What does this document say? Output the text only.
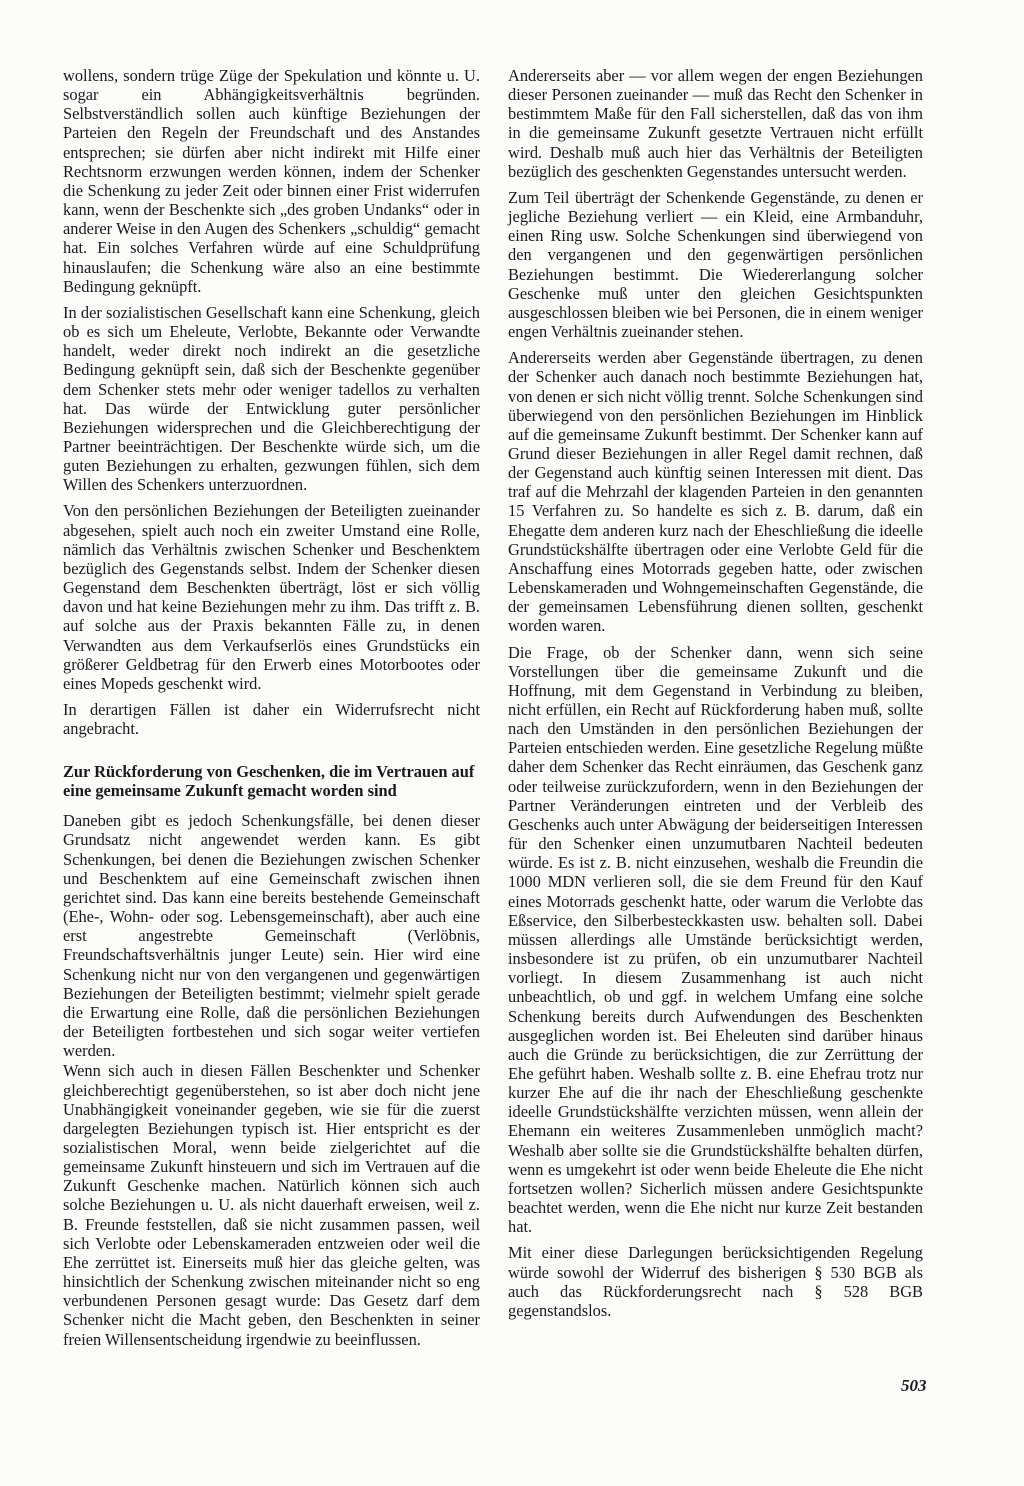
wollens, sondern trüge Züge der Spekulation und könnte u. U. sogar ein Abhängigkeitsverhältnis begründen. Selbstverständlich sollen auch künftige Beziehungen der Parteien den Regeln der Freundschaft und des Anstandes entsprechen; sie dürfen aber nicht indirekt mit Hilfe einer Rechtsnorm erzwungen werden können, indem der Schenker die Schenkung zu jeder Zeit oder binnen einer Frist widerrufen kann, wenn der Beschenkte sich „des groben Undanks“ oder in anderer Weise in den Augen des Schenkers „schuldig“ gemacht hat. Ein solches Verfahren würde auf eine Schuldprüfung hinauslaufen; die Schenkung wäre also an eine bestimmte Bedingung geknüpft.

In der sozialistischen Gesellschaft kann eine Schenkung, gleich ob es sich um Eheleute, Verlobte, Bekannte oder Verwandte handelt, weder direkt noch indirekt an die gesetzliche Bedingung geknüpft sein, daß sich der Beschenkte gegenüber dem Schenker stets mehr oder weniger tadellos zu verhalten hat. Das würde der Entwicklung guter persönlicher Beziehungen widersprechen und die Gleichberechtigung der Partner beeinträchtigen. Der Beschenkte würde sich, um die guten Beziehungen zu erhalten, gezwungen fühlen, sich dem Willen des Schenkers unterzuordnen.

Von den persönlichen Beziehungen der Beteiligten zueinander abgesehen, spielt auch noch ein zweiter Umstand eine Rolle, nämlich das Verhältnis zwischen Schenker und Beschenktem bezüglich des Gegenstands selbst. Indem der Schenker diesen Gegenstand dem Beschenkten überträgt, löst er sich völlig davon und hat keine Beziehungen mehr zu ihm. Das trifft z. B. auf solche aus der Praxis bekannten Fälle zu, in denen Verwandten aus dem Verkaufserlös eines Grundstücks ein größerer Geldbetrag für den Erwerb eines Motorbootes oder eines Mopeds geschenkt wird.

In derartigen Fällen ist daher ein Widerrufsrecht nicht angebracht.

Zur Rückforderung von Geschenken, die im Vertrauen auf eine gemeinsame Zukunft gemacht worden sind

Daneben gibt es jedoch Schenkungsfälle, bei denen dieser Grundsatz nicht angewendet werden kann. Es gibt Schenkungen, bei denen die Beziehungen zwischen Schenker und Beschenktem auf eine Gemeinschaft zwischen ihnen gerichtet sind. Das kann eine bereits bestehende Gemeinschaft (Ehe-, Wohn- oder sog. Lebensgemeinschaft), aber auch eine erst angestrebte Gemeinschaft (Verlöbnis, Freundschaftsverhältnis junger Leute) sein. Hier wird eine Schenkung nicht nur von den vergangenen und gegenwärtigen Beziehungen der Beteiligten bestimmt; vielmehr spielt gerade die Erwartung eine Rolle, daß die persönlichen Beziehungen der Beteiligten fortbestehen und sich sogar weiter vertiefen werden.

Wenn sich auch in diesen Fällen Beschenkter und Schenker gleichberechtigt gegenüberstehen, so ist aber doch nicht jene Unabhängigkeit voneinander gegeben, wie sie für die zuerst dargelegten Beziehungen typisch ist. Hier entspricht es der sozialistischen Moral, wenn beide zielgerichtet auf die gemeinsame Zukunft hinsteuern und sich im Vertrauen auf die Zukunft Geschenke machen. Natürlich können sich auch solche Beziehungen u. U. als nicht dauerhaft erweisen, weil z. B. Freunde feststellen, daß sie nicht zusammen passen, weil sich Verlobte oder Lebenskameraden entzweien oder weil die Ehe zerrüttet ist. Einerseits muß hier das gleiche gelten, was hinsichtlich der Schenkung zwischen miteinander nicht so eng verbundenen Personen gesagt wurde: Das Gesetz darf dem Schenker nicht die Macht geben, den Beschenkten in seiner freien Willensentscheidung irgendwie zu beeinflussen.

Andererseits aber — vor allem wegen der engen Beziehungen dieser Personen zueinander — muß das Recht den Schenker in bestimmtem Maße für den Fall sicherstellen, daß das von ihm in die gemeinsame Zukunft gesetzte Vertrauen nicht erfüllt wird. Deshalb muß auch hier das Verhältnis der Beteiligten bezüglich des geschenkten Gegenstandes untersucht werden.

Zum Teil überträgt der Schenkende Gegenstände, zu denen er jegliche Beziehung verliert — ein Kleid, eine Armbanduhr, einen Ring usw. Solche Schenkungen sind überwiegend von den vergangenen und den gegenwärtigen persönlichen Beziehungen bestimmt. Die Wiedererlangung solcher Geschenke muß unter den gleichen Gesichtspunkten ausgeschlossen bleiben wie bei Personen, die in einem weniger engen Verhältnis zueinander stehen.

Andererseits werden aber Gegenstände übertragen, zu denen der Schenker auch danach noch bestimmte Beziehungen hat, von denen er sich nicht völlig trennt. Solche Schenkungen sind überwiegend von den persönlichen Beziehungen im Hinblick auf die gemeinsame Zukunft bestimmt. Der Schenker kann auf Grund dieser Beziehungen in aller Regel damit rechnen, daß der Gegenstand auch künftig seinen Interessen mit dient. Das traf auf die Mehrzahl der klagenden Parteien in den genannten 15 Verfahren zu. So handelte es sich z. B. darum, daß ein Ehegatte dem anderen kurz nach der Eheschließung die ideelle Grundstückshälfte übertragen oder eine Verlobte Geld für die Anschaffung eines Motorrads gegeben hatte, oder zwischen Lebenskameraden und Wohngemeinschaften Gegenstände, die der gemeinsamen Lebensführung dienen sollten, geschenkt worden waren.

Die Frage, ob der Schenker dann, wenn sich seine Vorstellungen über die gemeinsame Zukunft und die Hoffnung, mit dem Gegenstand in Verbindung zu bleiben, nicht erfüllen, ein Recht auf Rückforderung haben muß, sollte nach den Umständen in den persönlichen Beziehungen der Parteien entschieden werden. Eine gesetzliche Regelung müßte daher dem Schenker das Recht einräumen, das Geschenk ganz oder teilweise zurückzufordern, wenn in den Beziehungen der Partner Veränderungen eintreten und der Verbleib des Geschenks auch unter Abwägung der beiderseitigen Interessen für den Schenker einen unzumutbaren Nachteil bedeuten würde. Es ist z. B. nicht einzusehen, weshalb die Freundin die 1000 MDN verlieren soll, die sie dem Freund für den Kauf eines Motorrads geschenkt hatte, oder warum die Verlobte das Eßservice, den Silberbesteckkasten usw. behalten soll. Dabei müssen allerdings alle Umstände berücksichtigt werden, insbesondere ist zu prüfen, ob ein unzumutbarer Nachteil vorliegt. In diesem Zusammenhang ist auch nicht unbeachtlich, ob und ggf. in welchem Umfang eine solche Schenkung bereits durch Aufwendungen des Beschenkten ausgeglichen worden ist. Bei Eheleuten sind darüber hinaus auch die Gründe zu berücksichtigen, die zur Zerrüttung der Ehe geführt haben. Weshalb sollte z. B. eine Ehefrau trotz nur kurzer Ehe auf die ihr nach der Eheschließung geschenkte ideelle Grundstückshälfte verzichten müssen, wenn allein der Ehemann ein weiteres Zusammenleben unmöglich macht? Weshalb aber sollte sie die Grundstückshälfte behalten dürfen, wenn es umgekehrt ist oder wenn beide Eheleute die Ehe nicht fortsetzen wollen? Sicherlich müssen andere Gesichtspunkte beachtet werden, wenn die Ehe nicht nur kurze Zeit bestanden hat.

Mit einer diese Darlegungen berücksichtigenden Regelung würde sowohl der Widerruf des bisherigen § 530 BGB als auch das Rückforderungsrecht nach § 528 BGB gegenstandslos.

503
